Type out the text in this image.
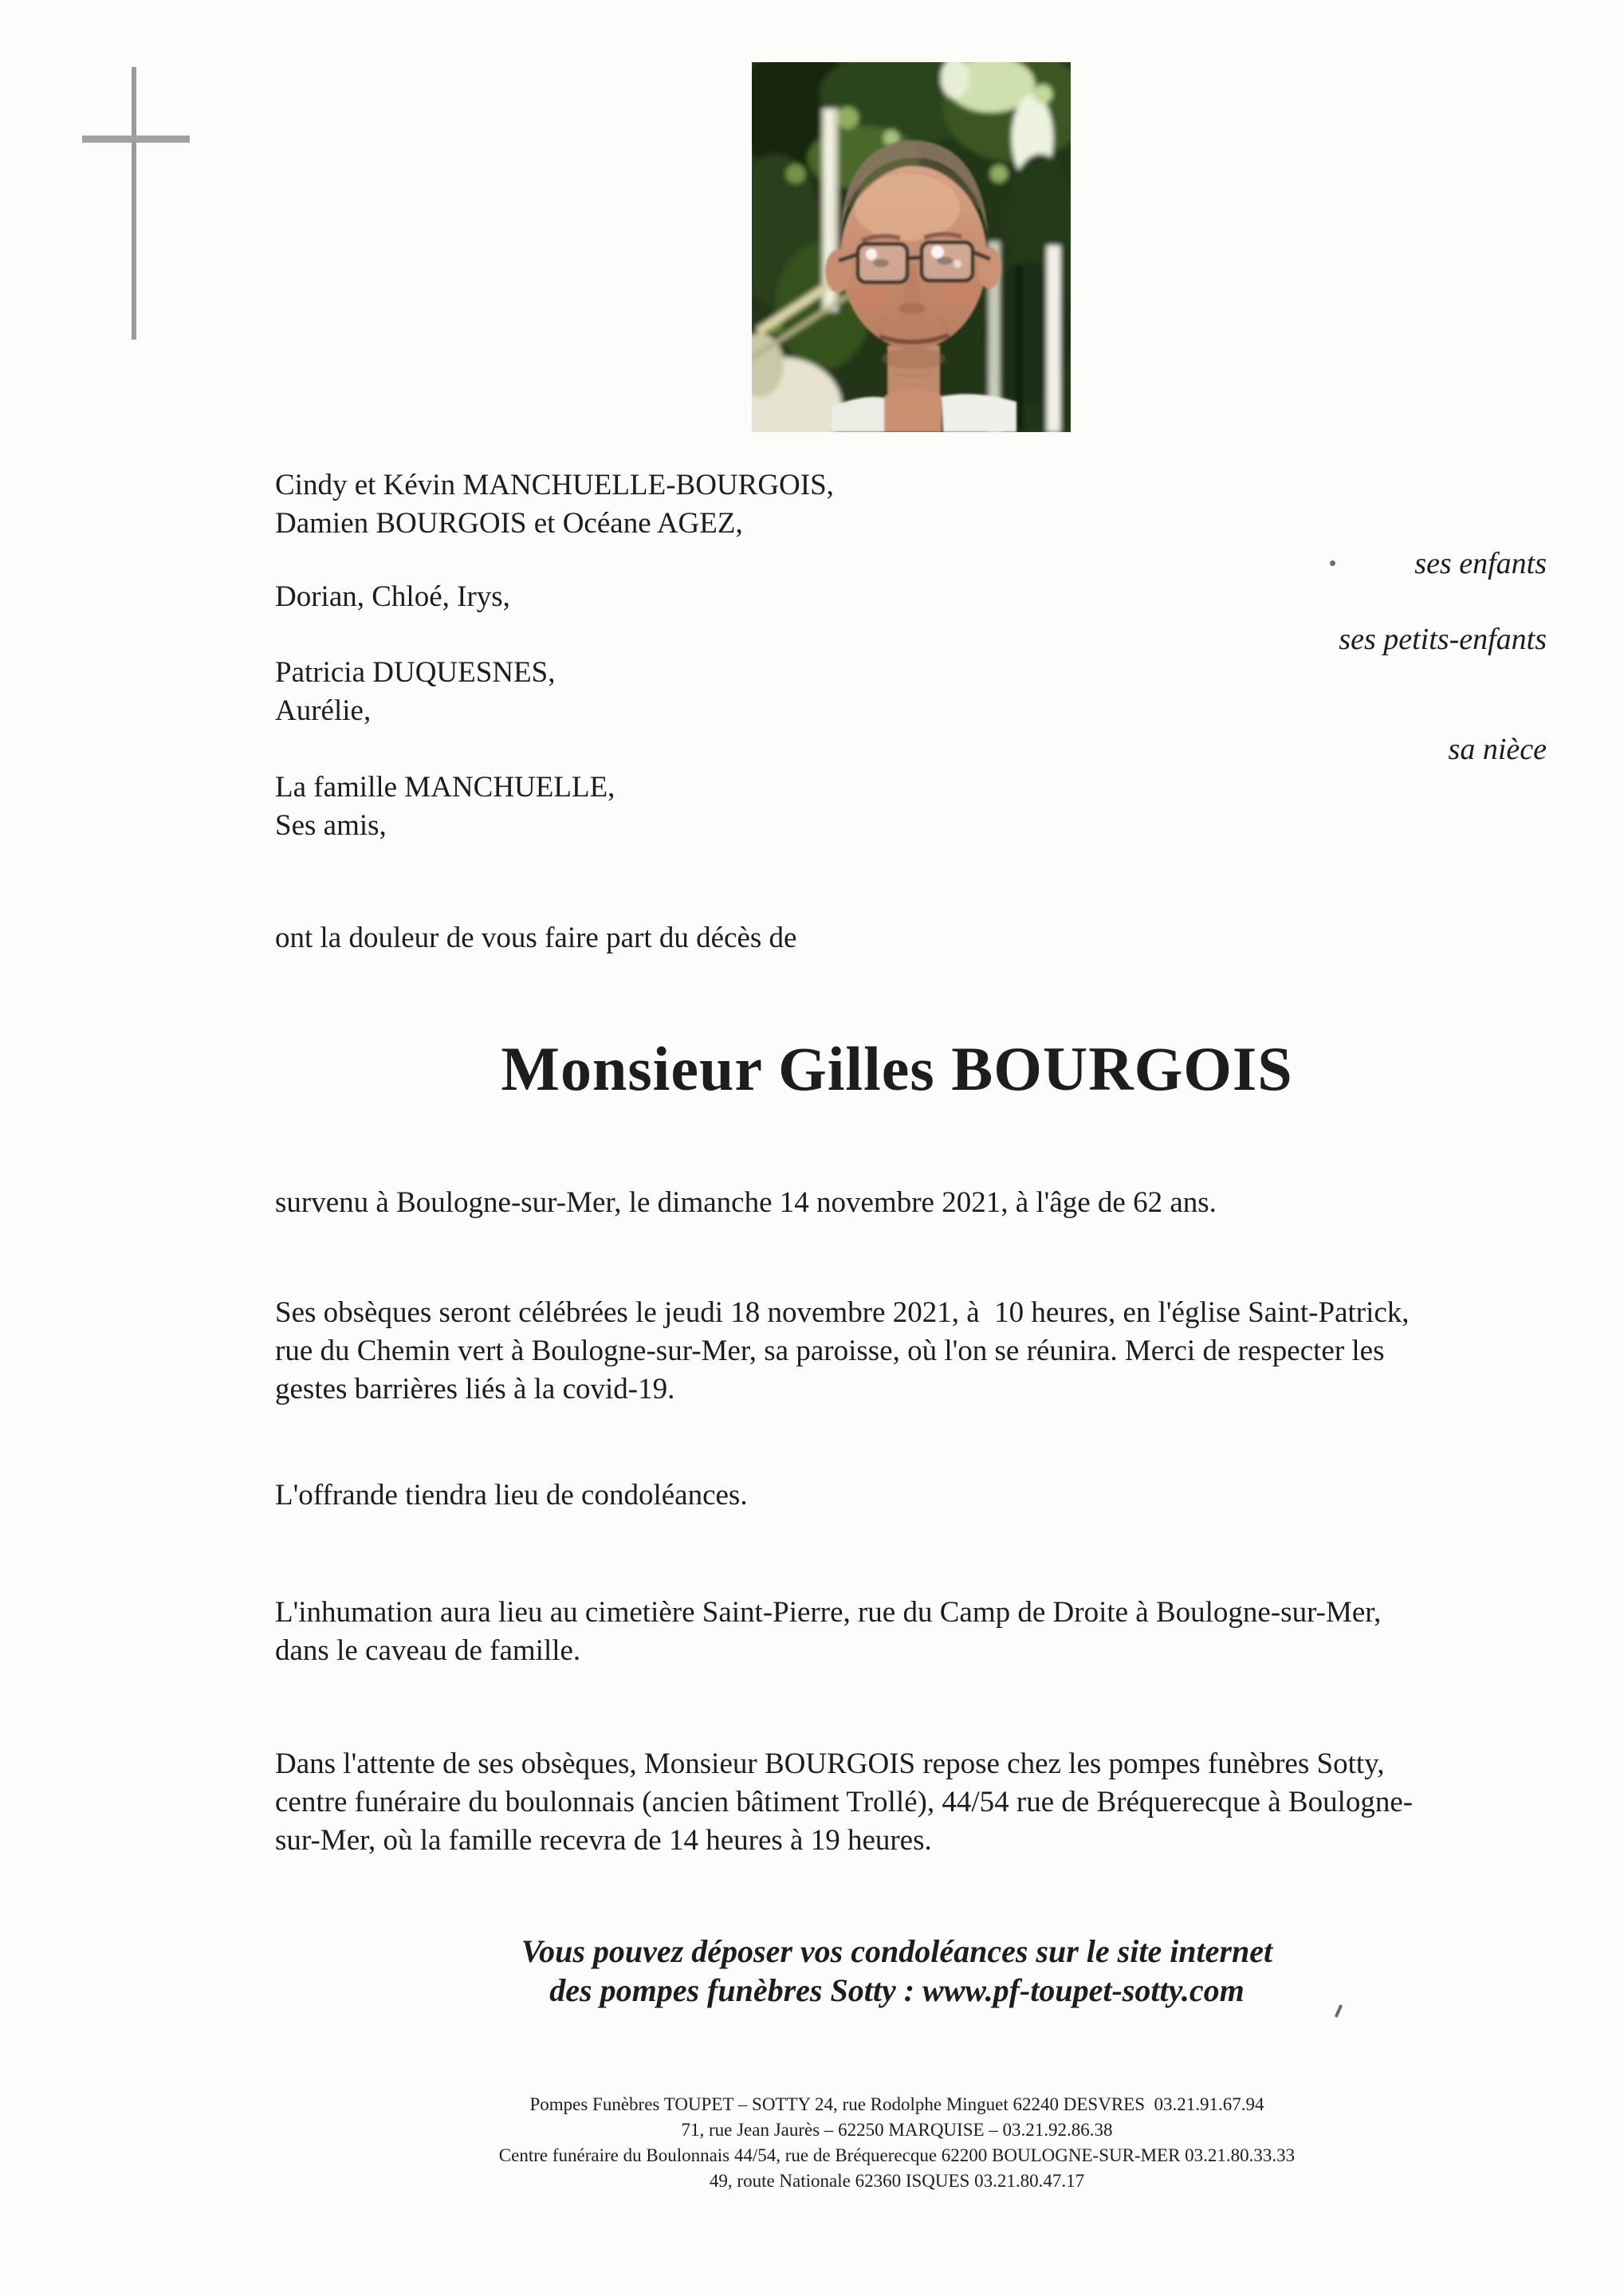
Cindy et Kévin MANCHUELLE-BOURGOIS,
Damien BOURGOIS et Océane AGEZ,
ses enfants
Dorian, Chloé, Irys,
ses petits-enfants
Patricia DUQUESNES,
Aurélie,
sa nièce
La famille MANCHUELLE,
Ses amis,
ont la douleur de vous faire part du décès de
Monsieur Gilles BOURGOIS
survenu à Boulogne-sur-Mer, le dimanche 14 novembre 2021, à l'âge de 62 ans.
Ses obsèques seront célébrées le jeudi 18 novembre 2021, à  10 heures, en l'église Saint-Patrick,
rue du Chemin vert à Boulogne-sur-Mer, sa paroisse, où l'on se réunira. Merci de respecter les
gestes barrières liés à la covid-19.
L'offrande tiendra lieu de condoléances.
L'inhumation aura lieu au cimetière Saint-Pierre, rue du Camp de Droite à Boulogne-sur-Mer,
dans le caveau de famille.
Dans l'attente de ses obsèques, Monsieur BOURGOIS repose chez les pompes funèbres Sotty,
centre funéraire du boulonnais (ancien bâtiment Trollé), 44/54 rue de Bréquerecque à Boulogne-
sur-Mer, où la famille recevra de 14 heures à 19 heures.
Vous pouvez déposer vos condoléances sur le site internet
des pompes funèbres Sotty : www.pf-toupet-sotty.com
Pompes Funèbres TOUPET – SOTTY 24, rue Rodolphe Minguet 62240 DESVRES  03.21.91.67.94
71, rue Jean Jaurès – 62250 MARQUISE – 03.21.92.86.38
Centre funéraire du Boulonnais 44/54, rue de Bréquerecque 62200 BOULOGNE-SUR-MER 03.21.80.33.33
49, route Nationale 62360 ISQUES 03.21.80.47.17
